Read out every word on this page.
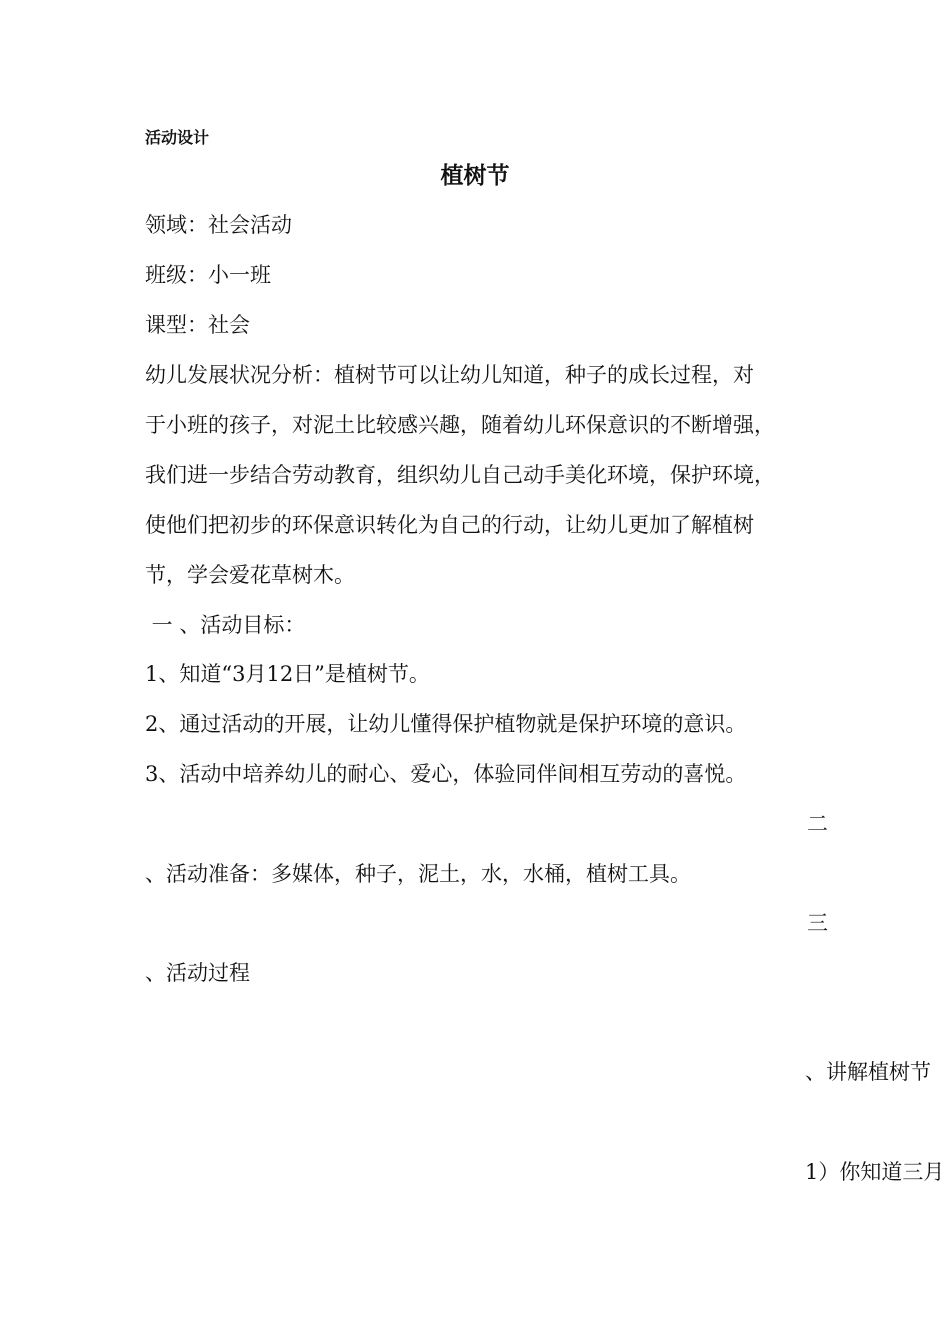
活动设计
植树节
领域：社会活动
班级：小一班
课型：社会
幼儿发展状况分析：植树节可以让幼儿知道，种子的成长过程，对
于小班的孩子，对泥土比较感兴趣，随着幼儿环保意识的不断增强，
我们进一步结合劳动教育，组织幼儿自己动手美化环境，保护环境，
使他们把初步的环保意识转化为自己的行动，让幼儿更加了解植树
节，学会爱花草树木。
一 、活动目标：
1、知道“3月12日”是植树节。
2、通过活动的开展，让幼儿懂得保护植物就是保护环境的意识。
3、活动中培养幼儿的耐心、爱心，体验同伴间相互劳动的喜悦。
二
、活动准备：多媒体，种子，泥土，水，水桶，植树工具。
三
、活动过程
、讲解植树节
1）你知道三月
